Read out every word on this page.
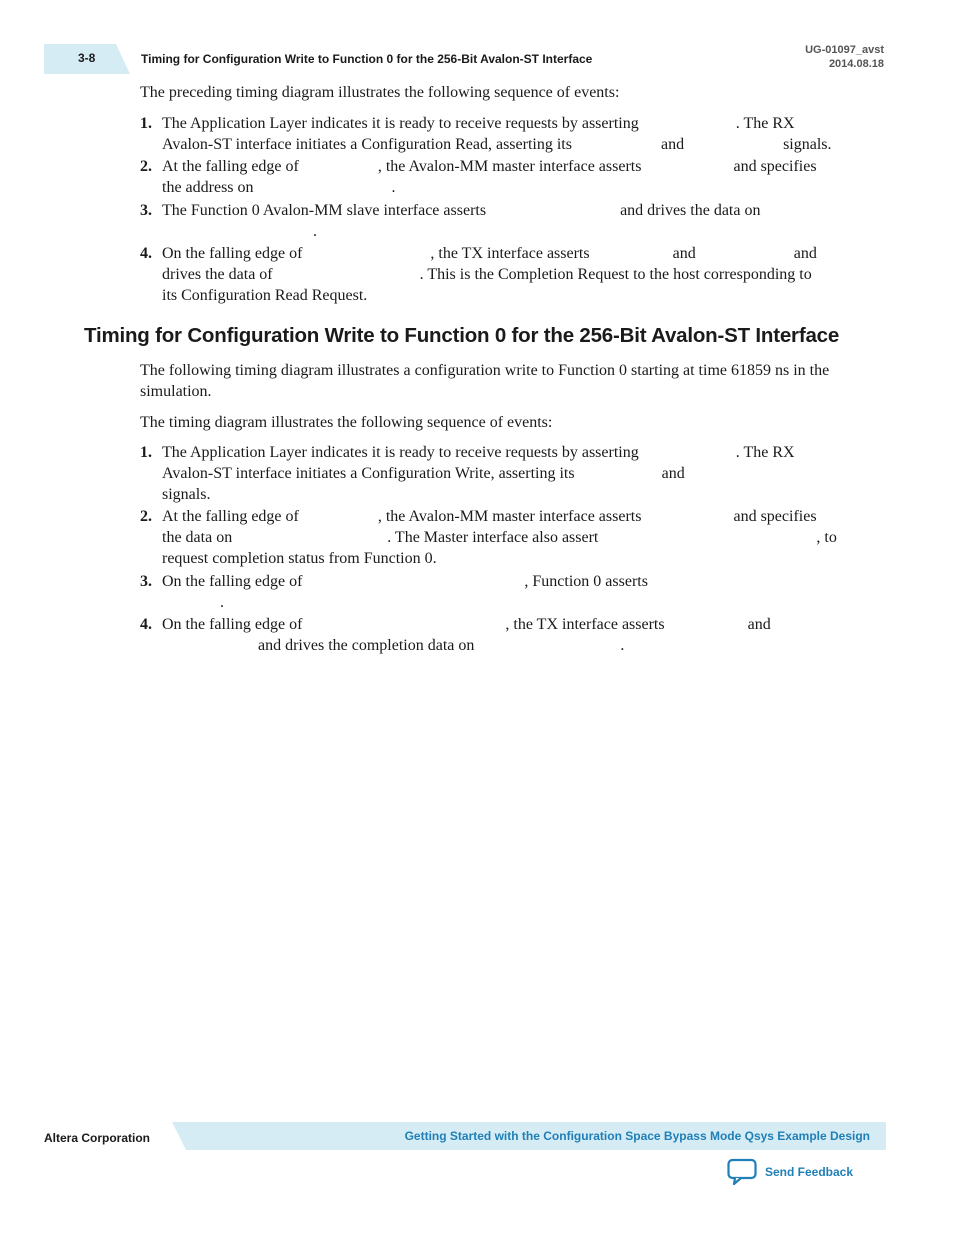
3-8	Timing for Configuration Write to Function 0 for the 256-Bit Avalon-ST Interface
UG-01097_avst
2014.08.18

The preceding timing diagram illustrates the following sequence of events:

1. The Application Layer indicates it is ready to receive requests by asserting	. The RX
Avalon-ST interface initiates a Configuration Read, asserting its	and	signals.
2. At the falling edge of	, the Avalon-MM master interface asserts	and specifies
the address on	.
3. The Function 0 Avalon-MM slave interface asserts	and drives the data on
.
4. On the falling edge of	, the TX interface asserts	and	and
drives the data of	. This is the Completion Request to the host corresponding to
its Configuration Read Request.
Timing for Configuration Write to Function 0 for the 256-Bit Avalon-ST Interface

The following timing diagram illustrates a configuration write to Function 0 starting at time 61859 ns in the simulation.

The timing diagram illustrates the following sequence of events:

1. The Application Layer indicates it is ready to receive requests by asserting	. The RX
Avalon-ST interface initiates a Configuration Write, asserting its	and
signals.
2. At the falling edge of	, the Avalon-MM master interface asserts	and specifies
the data on	. The Master interface also assert	, to
request completion status from Function 0.
3. On the falling edge of	, Function 0 asserts
.
4. On the falling edge of	, the TX interface asserts	and
and drives the completion data on	.
Altera Corporation	Getting Started with the Configuration Space Bypass Mode Qsys Example Design
Send Feedback
